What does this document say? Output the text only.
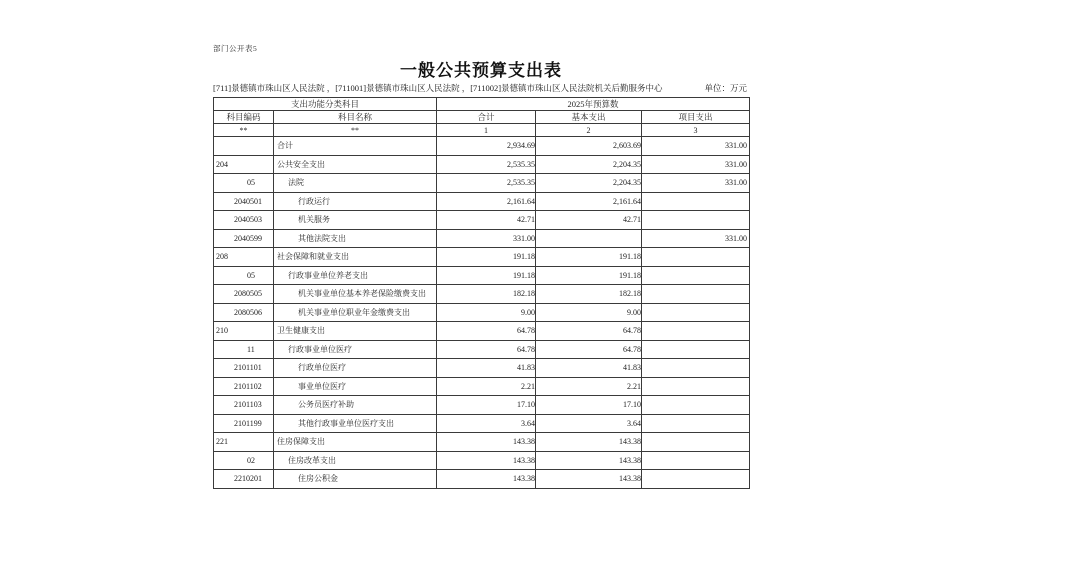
部门公开表5
一般公共预算支出表
[711]景德镇市珠山区人民法院 ，[711001]景德镇市珠山区人民法院 ，[711002]景德镇市珠山区人民法院机关后勤服务中心	单位：万元
支出功能分类科目		2025年预算数		
科目编码	科目名称	合计	基本支出	项目支出
**	**	1	2	3
	合计	2,934.69	2,603.69	331.00
204	公共安全支出	2,535.35	2,204.35	331.00
05	法院	2,535.35	2,204.35	331.00
2040501	行政运行	2,161.64	2,161.64	
2040503	机关服务	42.71	42.71	
2040599	其他法院支出	331.00		331.00
208	社会保障和就业支出	191.18	191.18	
05	行政事业单位养老支出	191.18	191.18	
2080505	机关事业单位基本养老保险缴费支出	182.18	182.18	
2080506	机关事业单位职业年金缴费支出	9.00	9.00	
210	卫生健康支出	64.78	64.78	
11	行政事业单位医疗	64.78	64.78	
2101101	行政单位医疗	41.83	41.83	
2101102	事业单位医疗	2.21	2.21	
2101103	公务员医疗补助	17.10	17.10	
2101199	其他行政事业单位医疗支出	3.64	3.64	
221	住房保障支出	143.38	143.38	
02	住房改革支出	143.38	143.38	
2210201	住房公积金	143.38	143.38	
